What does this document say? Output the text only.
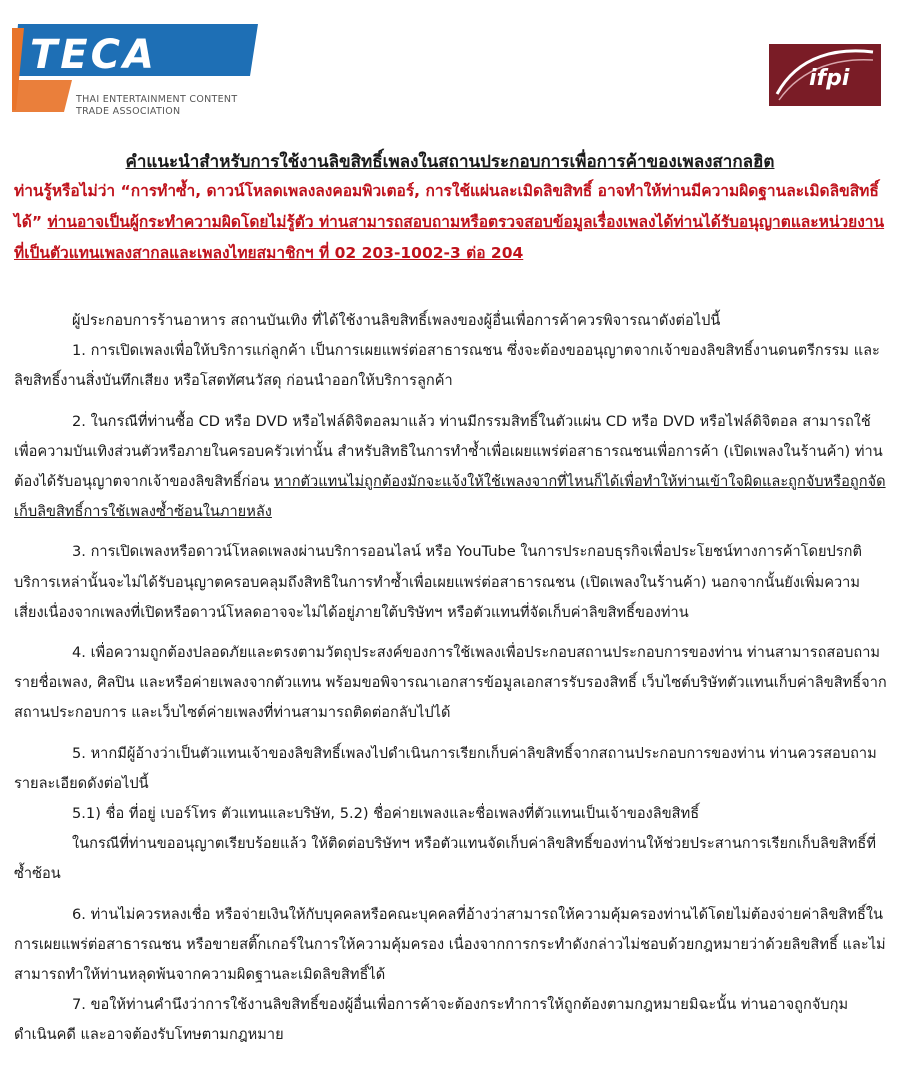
TECA
THAI ENTERTAINMENT CONTENT
TRADE ASSOCIATION
ifpi
คำแนะนำสำหรับการใช้งานลิขสิทธิ์เพลงในสถานประกอบการเพื่อการค้าของเพลงสากลฮิต
ท่านรู้หรือไม่ว่า “การทำซ้ำ, ดาวน์โหลดเพลงลงคอมพิวเตอร์, การใช้แผ่นละเมิดลิขสิทธิ์ อาจทำให้ท่านมีความผิดฐานละเมิดลิขสิทธิ์ได้” ท่านอาจเป็นผู้กระทำความผิดโดยไม่รู้ตัว ท่านสามารถสอบถามหรือตรวจสอบข้อมูลเรื่องเพลงได้ท่านได้รับอนุญาตและหน่วยงานที่เป็นตัวแทนเพลงสากลและเพลงไทยสมาชิกฯ ที่ 02 203-1002-3 ต่อ 204

ผู้ประกอบการร้านอาหาร สถานบันเทิง ที่ได้ใช้งานลิขสิทธิ์เพลงของผู้อื่นเพื่อการค้าควรพิจารณาดังต่อไปนี้

1. การเปิดเพลงเพื่อให้บริการแก่ลูกค้า เป็นการเผยแพร่ต่อสาธารณชน ซึ่งจะต้องขออนุญาตจากเจ้าของลิขสิทธิ์งานดนตรีกรรม และลิขสิทธิ์งานสิ่งบันทึกเสียง หรือโสตทัศนวัสดุ ก่อนนำออกให้บริการลูกค้า

2. ในกรณีที่ท่านซื้อ CD หรือ DVD หรือไฟล์ดิจิตอลมาแล้ว ท่านมีกรรมสิทธิ์ในตัวแผ่น CD หรือ DVD หรือไฟล์ดิจิตอล สามารถใช้เพื่อความบันเทิงส่วนตัวหรือภายในครอบครัวเท่านั้น สำหรับสิทธิในการทำซ้ำเพื่อเผยแพร่ต่อสาธารณชนเพื่อการค้า (เปิดเพลงในร้านค้า) ท่านต้องได้รับอนุญาตจากเจ้าของลิขสิทธิ์ก่อน หากตัวแทนไม่ถูกต้องมักจะแจ้งให้ใช้เพลงจากที่ไหนก็ได้เพื่อทำให้ท่านเข้าใจผิดและถูกจับหรือถูกจัดเก็บลิขสิทธิ์การใช้เพลงซ้ำซ้อนในภายหลัง

3. การเปิดเพลงหรือดาวน์โหลดเพลงผ่านบริการออนไลน์ หรือ YouTube ในการประกอบธุรกิจเพื่อประโยชน์ทางการค้าโดยปรกติบริการเหล่านั้นจะไม่ได้รับอนุญาตครอบคลุมถึงสิทธิในการทำซ้ำเพื่อเผยแพร่ต่อสาธารณชน (เปิดเพลงในร้านค้า) นอกจากนั้นยังเพิ่มความเสี่ยงเนื่องจากเพลงที่เปิดหรือดาวน์โหลดอาจจะไม่ได้อยู่ภายใต้บริษัทฯ หรือตัวแทนที่จัดเก็บค่าลิขสิทธิ์ของท่าน

4. เพื่อความถูกต้องปลอดภัยและตรงตามวัตถุประสงค์ของการใช้เพลงเพื่อประกอบสถานประกอบการของท่าน ท่านสามารถสอบถามรายชื่อเพลง, ศิลปิน และหรือค่ายเพลงจากตัวแทน พร้อมขอพิจารณาเอกสารข้อมูลเอกสารรับรองสิทธิ์ เว็บไซต์บริษัทตัวแทนเก็บค่าลิขสิทธิ์จากสถานประกอบการ และเว็บไซต์ค่ายเพลงที่ท่านสามารถติดต่อกลับไปได้

5. หากมีผู้อ้างว่าเป็นตัวแทนเจ้าของลิขสิทธิ์เพลงไปดำเนินการเรียกเก็บค่าลิขสิทธิ์จากสถานประกอบการของท่าน ท่านควรสอบถามรายละเอียดดังต่อไปนี้

5.1) ชื่อ ที่อยู่ เบอร์โทร ตัวแทนและบริษัท, 5.2) ชื่อค่ายเพลงและชื่อเพลงที่ตัวแทนเป็นเจ้าของลิขสิทธิ์

ในกรณีที่ท่านขออนุญาตเรียบร้อยแล้ว ให้ติดต่อบริษัทฯ หรือตัวแทนจัดเก็บค่าลิขสิทธิ์ของท่านให้ช่วยประสานการเรียกเก็บลิขสิทธิ์ที่ซ้ำซ้อน

6. ท่านไม่ควรหลงเชื่อ หรือจ่ายเงินให้กับบุคคลหรือคณะบุคคลที่อ้างว่าสามารถให้ความคุ้มครองท่านได้โดยไม่ต้องจ่ายค่าลิขสิทธิ์ในการเผยแพร่ต่อสาธารณชน หรือขายสติ๊กเกอร์ในการให้ความคุ้มครอง เนื่องจากการกระทำดังกล่าวไม่ชอบด้วยกฎหมายว่าด้วยลิขสิทธิ์ และไม่สามารถทำให้ท่านหลุดพ้นจากความผิดฐานละเมิดลิขสิทธิ์ได้

7. ขอให้ท่านคำนึงว่าการใช้งานลิขสิทธิ์ของผู้อื่นเพื่อการค้าจะต้องกระทำการให้ถูกต้องตามกฎหมายมิฉะนั้น ท่านอาจถูกจับกุมดำเนินคดี และอาจต้องรับโทษตามกฎหมาย
